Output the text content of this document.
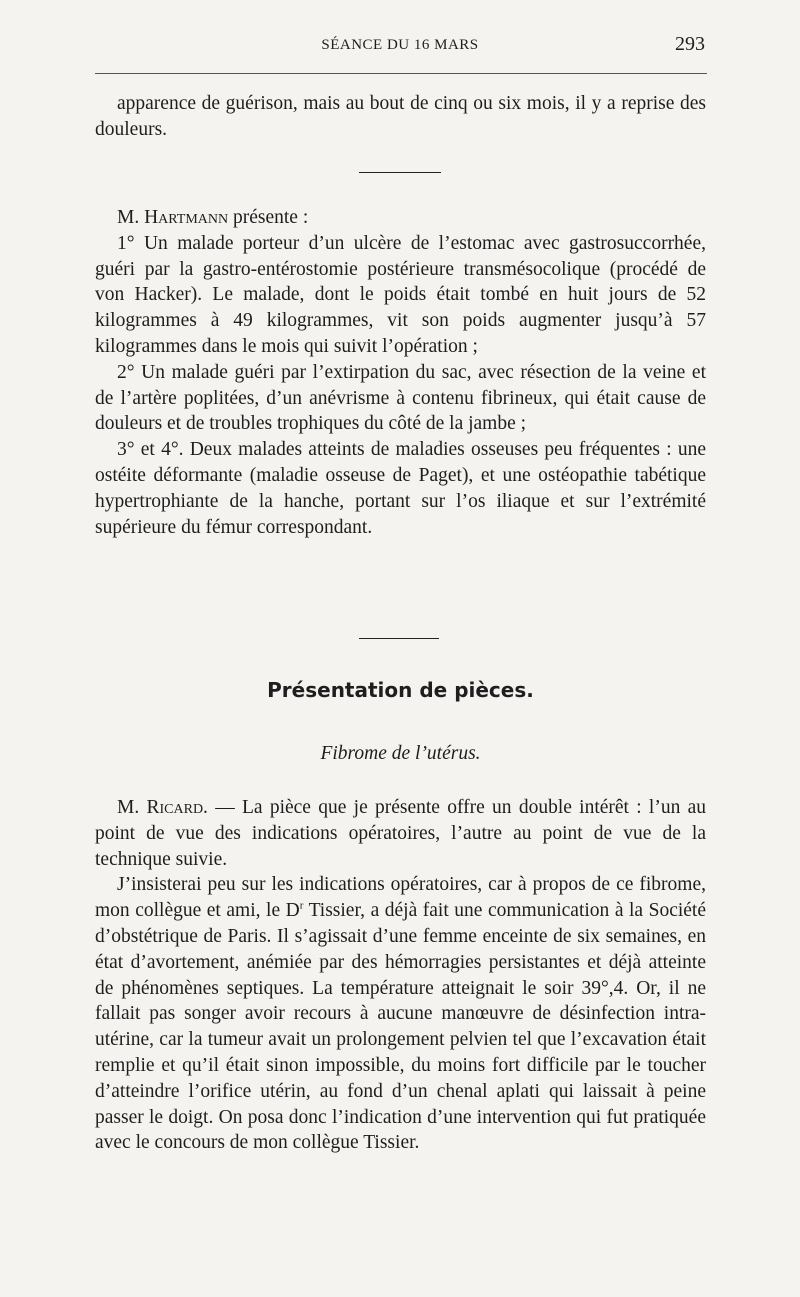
SÉANCE DU 16 MARS	293

apparence de guérison, mais au bout de cinq ou six mois, il y a reprise des douleurs.

M. Hartmann présente :

1° Un malade porteur d’un ulcère de l’estomac avec gastrosuccorrhée, guéri par la gastro-entérostomie postérieure transmésocolique (procédé de von Hacker). Le malade, dont le poids était tombé en huit jours de 52 kilogrammes à 49 kilogrammes, vit son poids augmenter jusqu’à 57 kilogrammes dans le mois qui suivit l’opération ;

2° Un malade guéri par l’extirpation du sac, avec résection de la veine et de l’artère poplitées, d’un anévrisme à contenu fibrineux, qui était cause de douleurs et de troubles trophiques du côté de la jambe ;

3° et 4°. Deux malades atteints de maladies osseuses peu fréquentes : une ostéite déformante (maladie osseuse de Paget), et une ostéopathie tabétique hypertrophiante de la hanche, portant sur l’os iliaque et sur l’extrémité supérieure du fémur correspondant.

Présentation de pièces.
Fibrome de l’utérus.

M. Ricard. — La pièce que je présente offre un double intérêt : l’un au point de vue des indications opératoires, l’autre au point de vue de la technique suivie.

J’insisterai peu sur les indications opératoires, car à propos de ce fibrome, mon collègue et ami, le $D^r$ Tissier, a déjà fait une communication à la Société d’obstétrique de Paris. Il s’agissait d’une femme enceinte de six semaines, en état d’avortement, anémiée par des hémorragies persistantes et déjà atteinte de phénomènes septiques. La température atteignait le soir 39°,4. Or, il ne fallait pas songer avoir recours à aucune manœuvre de désinfection intra-utérine, car la tumeur avait un prolongement pelvien tel que l’excavation était remplie et qu’il était sinon impossible, du moins fort difficile par le toucher d’atteindre l’orifice utérin, au fond d’un chenal aplati qui laissait à peine passer le doigt. On posa donc l’indication d’une intervention qui fut pratiquée avec le concours de mon collègue Tissier.
